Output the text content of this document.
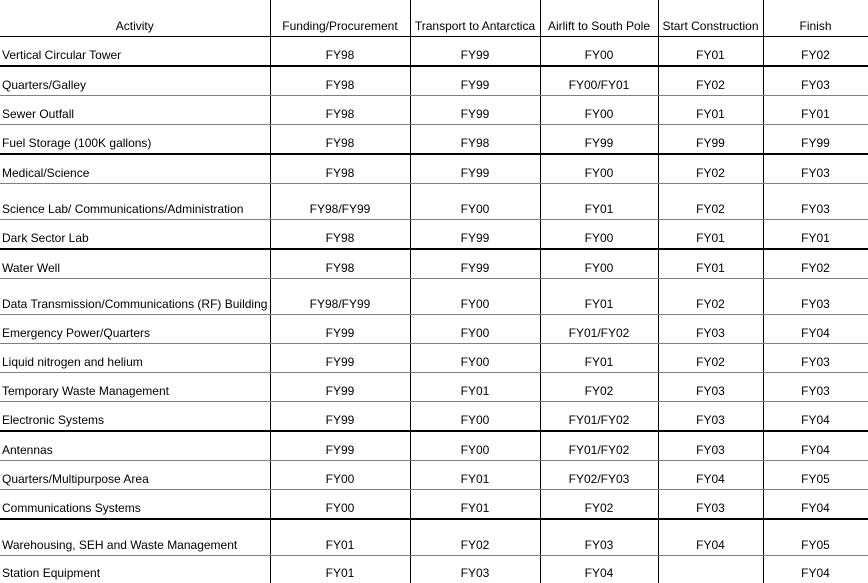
Activity	Funding/Procurement	Transport to Antarctica	Airlift to South Pole	Start Construction	Finish
Vertical Circular Tower	FY98	FY99	FY00	FY01	FY02
Quarters/Galley	FY98	FY99	FY00/FY01	FY02	FY03
Sewer Outfall	FY98	FY99	FY00	FY01	FY01
Fuel Storage (100K gallons)	FY98	FY98	FY99	FY99	FY99
Medical/Science	FY98	FY99	FY00	FY02	FY03
Science Lab/ Communications/Administration	FY98/FY99	FY00	FY01	FY02	FY03
Dark Sector Lab	FY98	FY99	FY00	FY01	FY01
Water Well	FY98	FY99	FY00	FY01	FY02
Data Transmission/Communications (RF) Building	FY98/FY99	FY00	FY01	FY02	FY03
Emergency Power/Quarters	FY99	FY00	FY01/FY02	FY03	FY04
Liquid nitrogen and helium	FY99	FY00	FY01	FY02	FY03
Temporary Waste Management	FY99	FY01	FY02	FY03	FY03
Electronic Systems	FY99	FY00	FY01/FY02	FY03	FY04
Antennas	FY99	FY00	FY01/FY02	FY03	FY04
Quarters/Multipurpose Area	FY00	FY01	FY02/FY03	FY04	FY05
Communications Systems	FY00	FY01	FY02	FY03	FY04
Warehousing, SEH and Waste Management	FY01	FY02	FY03	FY04	FY05
Station Equipment	FY01	FY03	FY04		FY04
